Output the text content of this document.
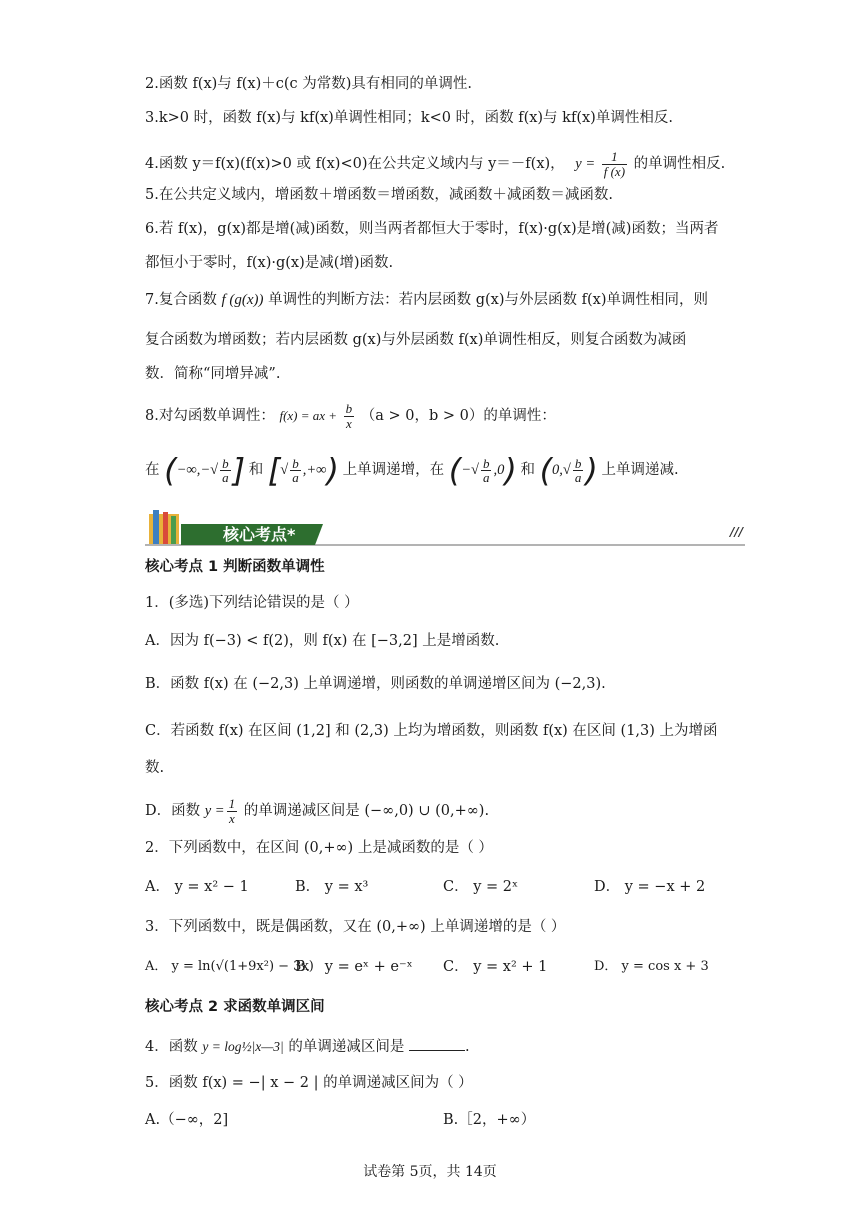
2.函数 f(x)与 f(x)＋c(c 为常数)具有相同的单调性.
3.k>0 时，函数 f(x)与 kf(x)单调性相同；k<0 时，函数 f(x)与 kf(x)单调性相反.
4.函数 y＝f(x)(f(x)>0 或 f(x)<0)在公共定义域内与 y＝－f(x)， $y = \frac{1}{f (x)}$ 的单调性相反.
5.在公共定义域内，增函数＋增函数＝增函数，减函数＋减函数＝减函数.
6.若 f(x)，g(x)都是增(减)函数，则当两者都恒大于零时，f(x)·g(x)是增(减)函数；当两者
都恒小于零时，f(x)·g(x)是减(增)函数.
7.复合函数 f (g(x)) 单调性的判断方法：若内层函数 g(x)与外层函数 f(x)单调性相同，则
复合函数为增函数；若内层函数 g(x)与外层函数 f(x)单调性相反，则复合函数为减函
数．简称“同增异减”.
8.对勾函数单调性： f(x) = ax + $\frac{b}{x} (a > 0$，b > 0）的单调性：
在 (−∞,−√ $\frac{b}{a}$ ] 和 [√ $\frac{b}{a}$ ,+∞) 上单调递增，在 (−√ $\frac{b}{a} ,0$) 和 ($0,√ \frac{b}{a}$ ) 上单调递减.
核心考点*	///
核心考点 1 判断函数单调性
1．(多选)下列结论错误的是（ ）
A．因为 f(−3) < f(2)，则 f(x) 在 [−3,2] 上是增函数.
B．函数 f(x) 在 (−2,3) 上单调递增，则函数的单调递增区间为 (−2,3).
C．若函数 f(x) 在区间 (1,2] 和 (2,3) 上均为增函数，则函数 f(x) 在区间 (1,3) 上为增函
数.
D．函数 $y = \frac{1}{x}$ 的单调递减区间是 (−∞,0) ∪ (0,+∞).
2．下列函数中，在区间 (0,+∞) 上是减函数的是（ ）
A． y = x² − 1	B． y = x³	C． y = 2ˣ	D． y = −x + 2
3．下列函数中，既是偶函数，又在 (0,+∞) 上单调递增的是（ ）
A． y = ln(√(1+9x²) − 3x)
B． y = eˣ + e⁻ˣ C． y = x² + 1	D． y = cos x + 3
核心考点 2 求函数单调区间
4．函数 y = log½|x—3| 的单调递减区间是	.
5．函数 f(x) = −| x − 2 | 的单调递减区间为（ ）
A.（−∞，2]	B.［2，+∞）
试卷第 5页，共 14页
